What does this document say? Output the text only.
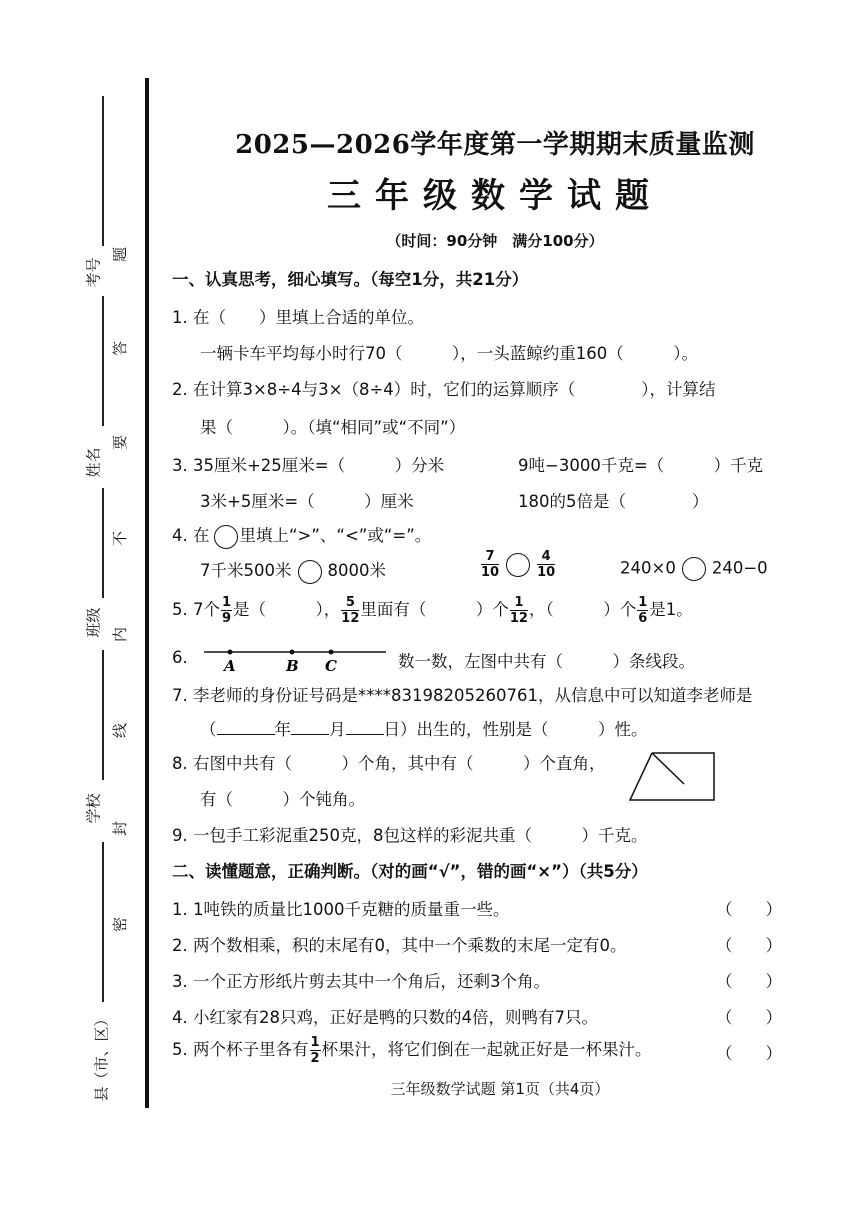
考号
姓名
班级
学校
县（市、区）
题
答
要
不
内
线
封
密
2025—2026学年度第一学期期末质量监测
三年级数学试题
（时间：90分钟　满分100分）
一、认真思考，细心填写。（每空1分，共21分）
1. 在（　　）里填上合适的单位。
一辆卡车平均每小时行70（　　　），一头蓝鲸约重160（　　　）。
2. 在计算3×8÷4与3×（8÷4）时，它们的运算顺序（　　　　），计算结
果（　　　）。（填“相同”或“不同”）
3. 35厘米+25厘米=（　　　）分米	9吨−3000千克=（　　　）千克
3米+5厘米=（　　　）厘米	180的5倍是（　　　　）
4. 在 里填上“>”、“<”或“=”。
7千米500米 8000米	$\frac{7}{10}$	$\frac{4}{10}$	240×0 240−0
5. 7个 $\frac{1}{9}$ 是（　　　）， $\frac{5}{12}$ 里面有（　　　）个 $\frac{1}{12}$ ，（　　　）个 $\frac{1}{6}$ 是1。
6. A	B C	数一数，左图中共有（　　　）条线段。
7. 李老师的身份证号码是****83198205260761，从信息中可以知道李老师是
（	年 月 日）出生的，性别是（　　　）性。
8. 右图中共有（　　　）个角，其中有（　　　）个直角，
有（　　　）个钝角。
9. 一包手工彩泥重250克，8包这样的彩泥共重（　　　）千克。
二、读懂题意，正确判断。（对的画“√”，错的画“×”）（共5分）
1. 1吨铁的质量比1000千克糖的质量重一些。	（　　）
2. 两个数相乘，积的末尾有0，其中一个乘数的末尾一定有0。	（　　）
3. 一个正方形纸片剪去其中一个角后，还剩3个角。	（　　）
4. 小红家有28只鸡，正好是鸭的只数的4倍，则鸭有7只。	（　　）
5. 两个杯子里各有 $\frac{1}{2}$ 杯果汁，将它们倒在一起就正好是一杯果汁。	（　　）
三年级数学试题 第1页（共4页）
